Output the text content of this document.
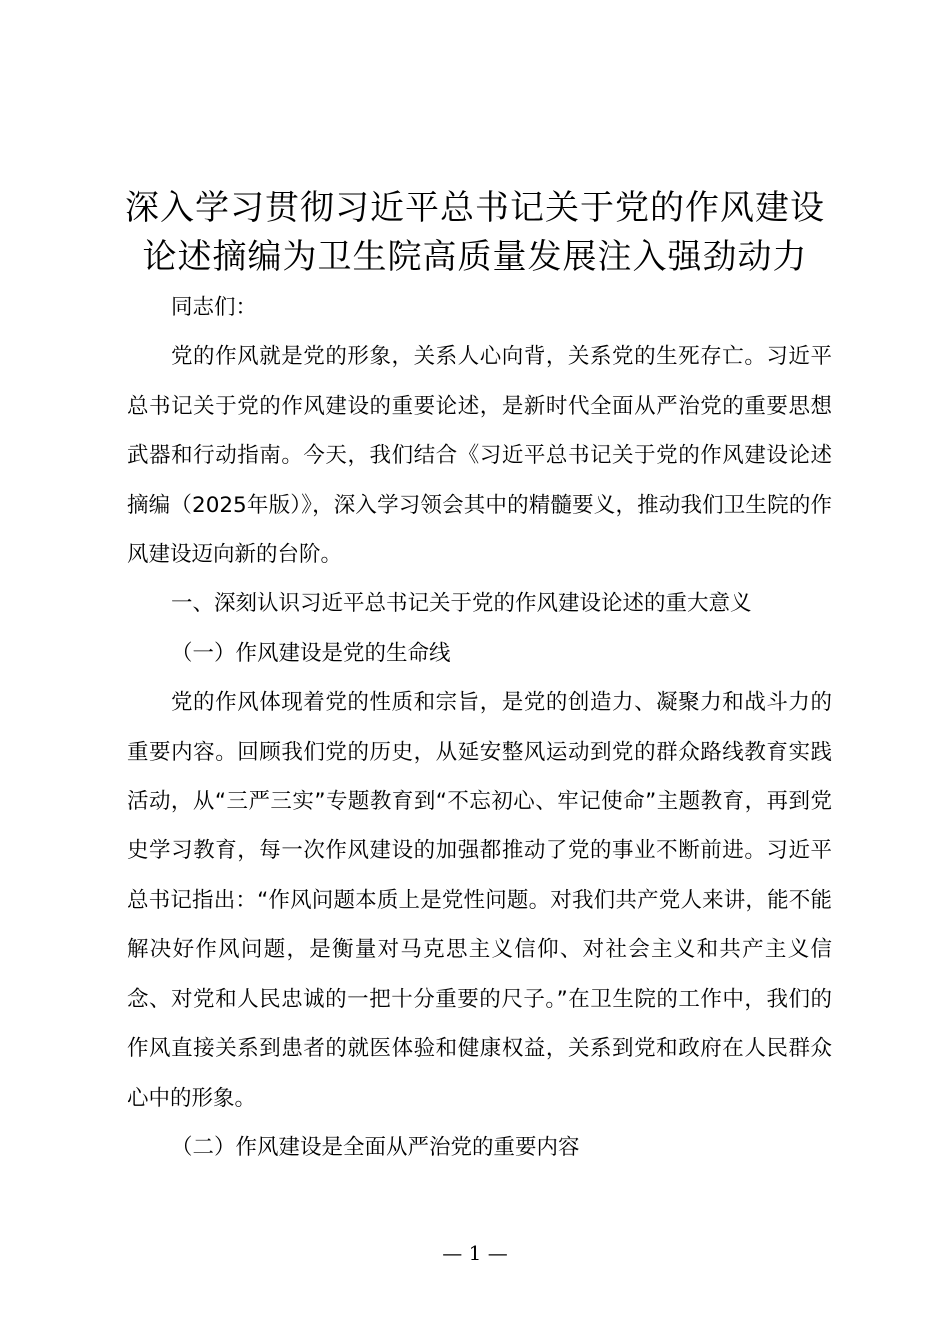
深入学习贯彻习近平总书记关于党的作风建设
论述摘编为卫生院高质量发展注入强劲动力

同志们：

党的作风就是党的形象，关系人心向背，关系党的生死存亡。习近平总书记关于党的作风建设的重要论述，是新时代全面从严治党的重要思想武器和行动指南。今天，我们结合《习近平总书记关于党的作风建设论述摘编（2025年版）》，深入学习领会其中的精髓要义，推动我们卫生院的作风建设迈向新的台阶。

一、深刻认识习近平总书记关于党的作风建设论述的重大意义

（一）作风建设是党的生命线

党的作风体现着党的性质和宗旨，是党的创造力、凝聚力和战斗力的重要内容。回顾我们党的历史，从延安整风运动到党的群众路线教育实践活动，从“三严三实”专题教育到“不忘初心、牢记使命”主题教育，再到党史学习教育，每一次作风建设的加强都推动了党的事业不断前进。习近平总书记指出：“作风问题本质上是党性问题。对我们共产党人来讲，能不能解决好作风问题，是衡量对马克思主义信仰、对社会主义和共产主义信念、对党和人民忠诚的一把十分重要的尺子。”在卫生院的工作中，我们的作风直接关系到患者的就医体验和健康权益，关系到党和政府在人民群众心中的形象。

（二）作风建设是全面从严治党的重要内容

— 1 —
